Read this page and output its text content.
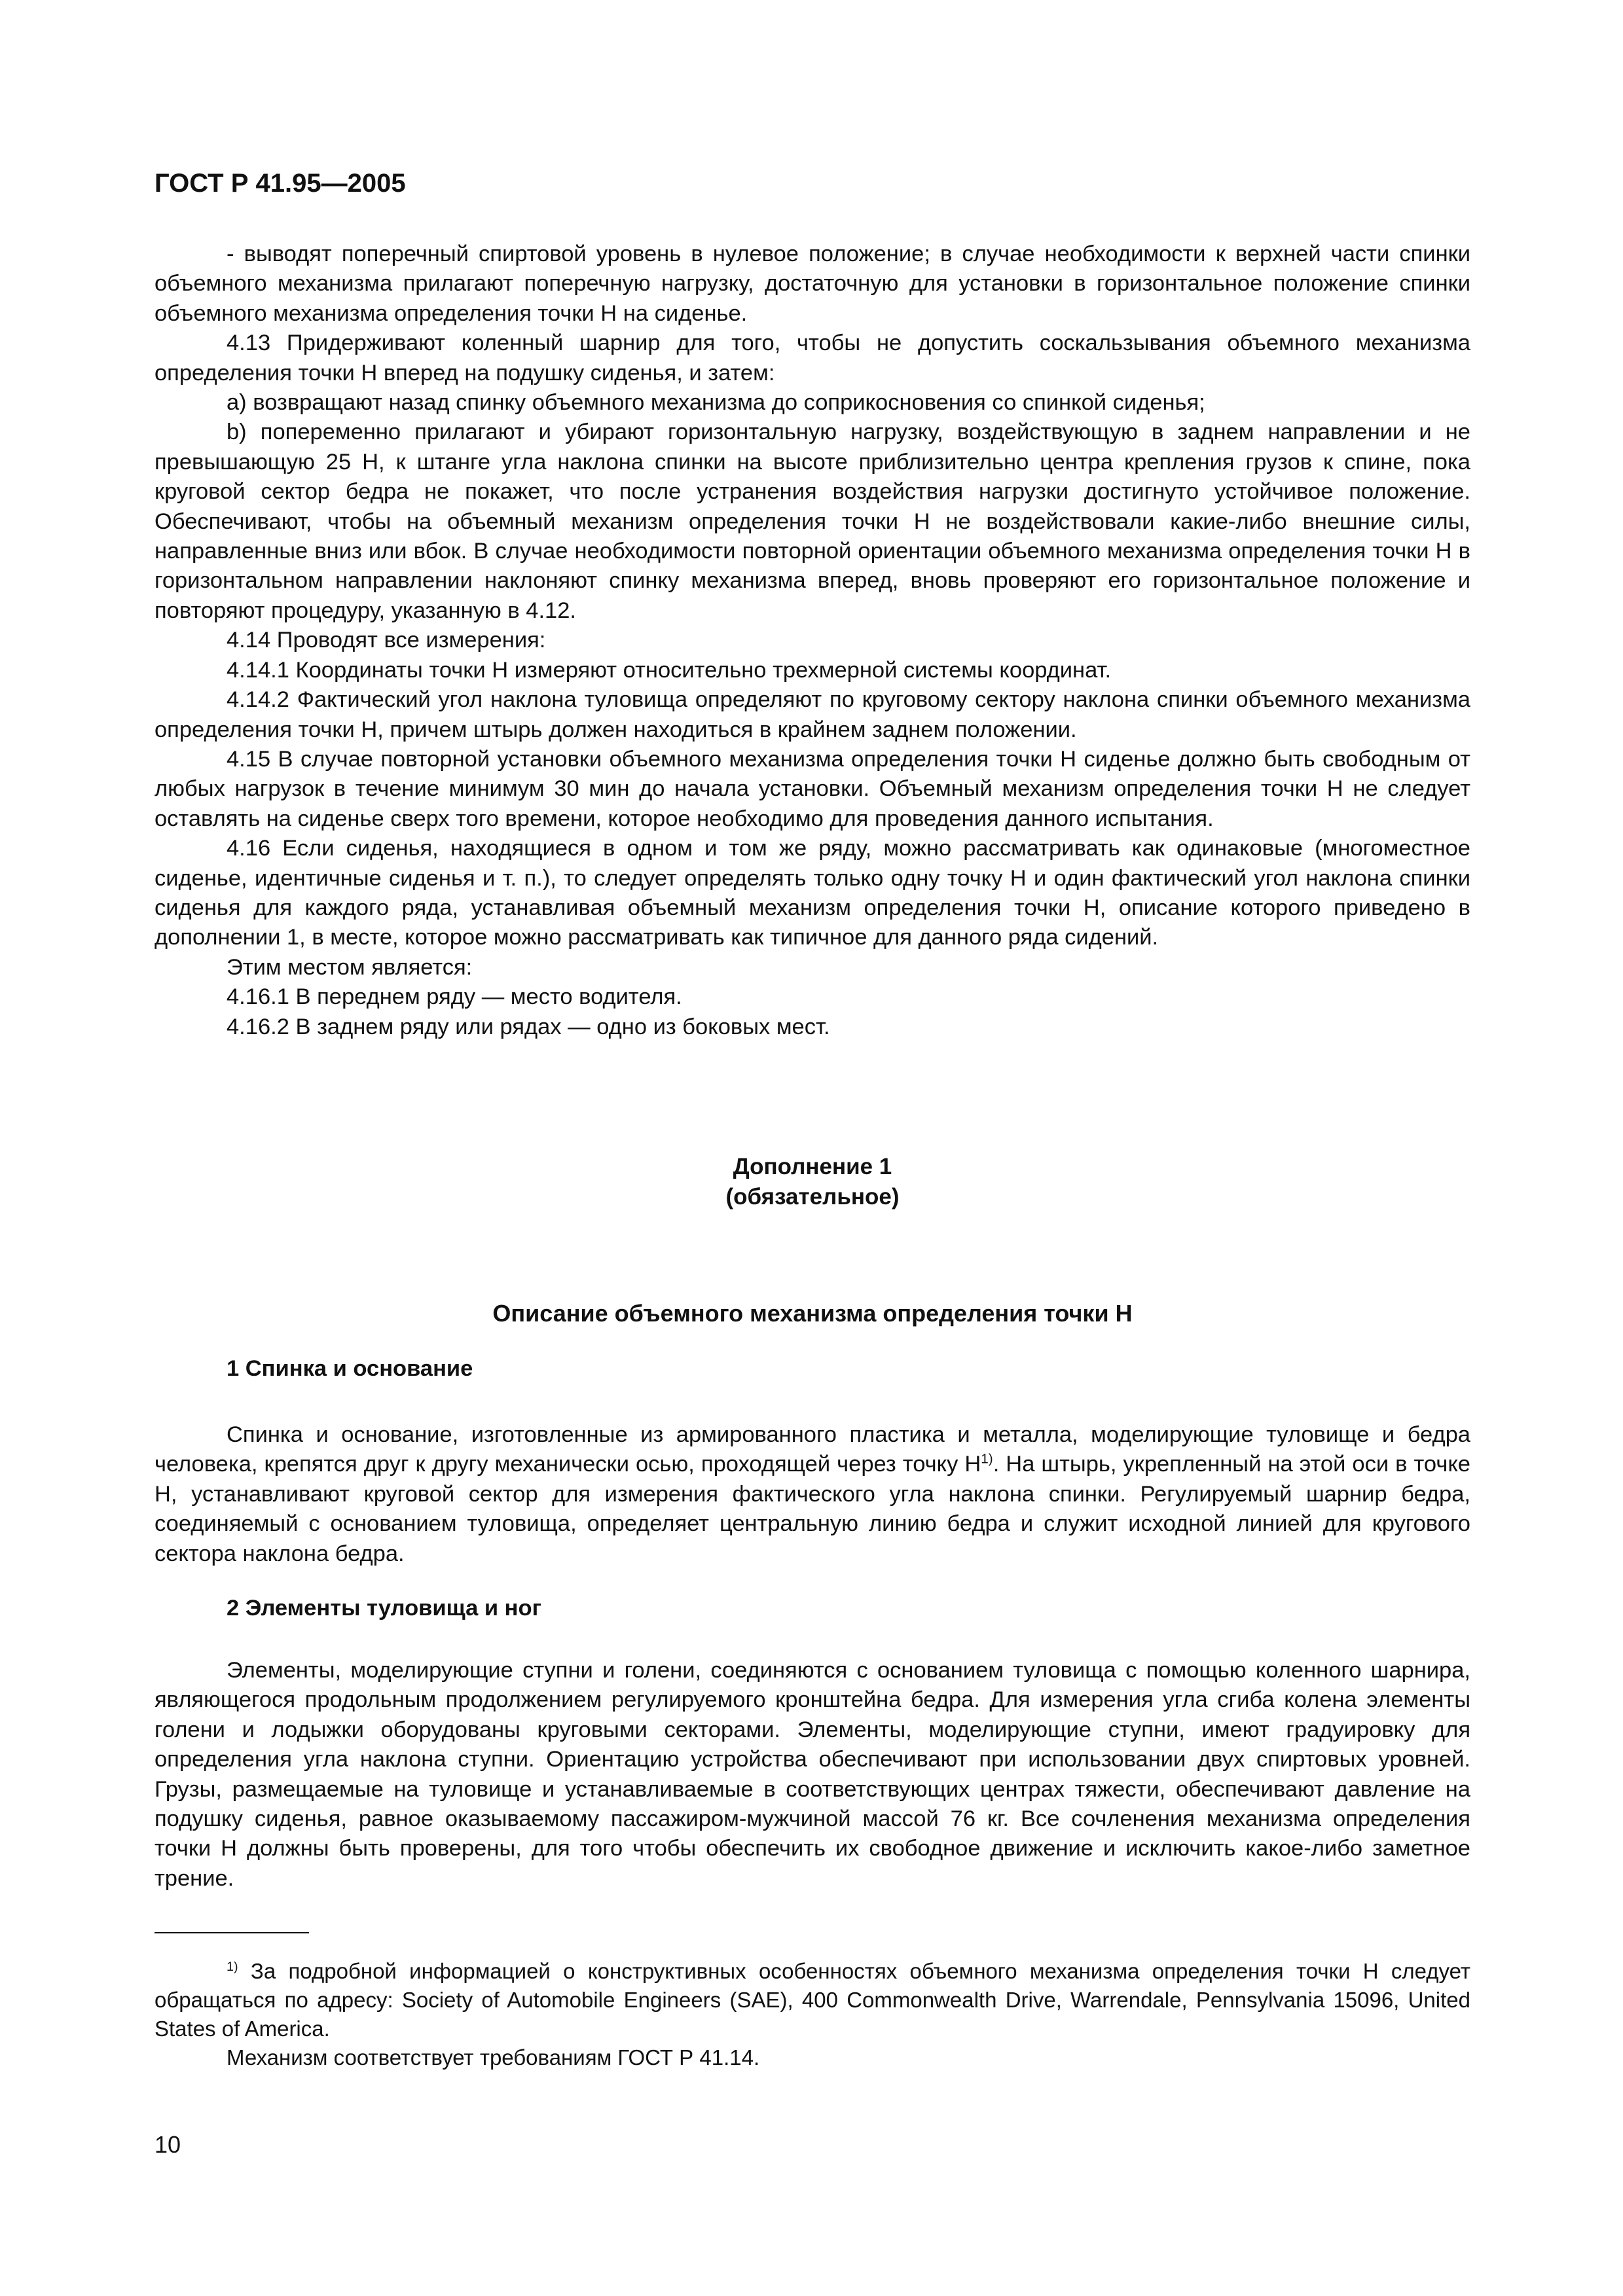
ГОСТ Р 41.95—2005

- выводят поперечный спиртовой уровень в нулевое положение; в случае необходимости к верхней части спинки объемного механизма прилагают поперечную нагрузку, достаточную для установки в горизонтальное положение спинки объемного механизма определения точки H на сиденье.

4.13 Придерживают коленный шарнир для того, чтобы не допустить соскальзывания объемного механизма определения точки H вперед на подушку сиденья, и затем:

a) возвращают назад спинку объемного механизма до соприкосновения со спинкой сиденья;

b) попеременно прилагают и убирают горизонтальную нагрузку, воздействующую в заднем направлении и не превышающую 25 Н, к штанге угла наклона спинки на высоте приблизительно центра крепления грузов к спине, пока круговой сектор бедра не покажет, что после устранения воздействия нагрузки достигнуто устойчивое положение. Обеспечивают, чтобы на объемный механизм определения точки H не воздействовали какие-либо внешние силы, направленные вниз или вбок. В случае необходимости повторной ориентации объемного механизма определения точки H в горизонтальном направлении наклоняют спинку механизма вперед, вновь проверяют его горизонтальное положение и повторяют процедуру, указанную в 4.12.

4.14 Проводят все измерения:

4.14.1 Координаты точки H измеряют относительно трехмерной системы координат.

4.14.2 Фактический угол наклона туловища определяют по круговому сектору наклона спинки объемного механизма определения точки H, причем штырь должен находиться в крайнем заднем положении.

4.15 В случае повторной установки объемного механизма определения точки H сиденье должно быть свободным от любых нагрузок в течение минимум 30 мин до начала установки. Объемный механизм определения точки H не следует оставлять на сиденье сверх того времени, которое необходимо для проведения данного испытания.

4.16 Если сиденья, находящиеся в одном и том же ряду, можно рассматривать как одинаковые (многоместное сиденье, идентичные сиденья и т. п.), то следует определять только одну точку H и один фактический угол наклона спинки сиденья для каждого ряда, устанавливая объемный механизм определения точки H, описание которого приведено в дополнении 1, в месте, которое можно рассматривать как типичное для данного ряда сидений.

Этим местом является:

4.16.1 В переднем ряду — место водителя.

4.16.2 В заднем ряду или рядах — одно из боковых мест.

Дополнение 1
(обязательное)
Описание объемного механизма определения точки H
1 Спинка и основание

Спинка и основание, изготовленные из армированного пластика и металла, моделирующие туловище и бедра человека, крепятся друг к другу механически осью, проходящей через точку $H^{1)}$. На штырь, укрепленный на этой оси в точке H, устанавливают круговой сектор для измерения фактического угла наклона спинки. Регулируемый шарнир бедра, соединяемый с основанием туловища, определяет центральную линию бедра и служит исходной линией для кругового сектора наклона бедра.

2 Элементы туловища и ног

Элементы, моделирующие ступни и голени, соединяются с основанием туловища с помощью коленного шарнира, являющегося продольным продолжением регулируемого кронштейна бедра. Для измерения угла сгиба колена элементы голени и лодыжки оборудованы круговыми секторами. Элементы, моделирующие ступни, имеют градуировку для определения угла наклона ступни. Ориентацию устройства обеспечивают при использовании двух спиртовых уровней. Грузы, размещаемые на туловище и устанавливаемые в соответствующих центрах тяжести, обеспечивают давление на подушку сиденья, равное оказываемому пассажиром-мужчиной массой 76 кг. Все сочленения механизма определения точки H должны быть проверены, для того чтобы обеспечить их свободное движение и исключить какое-либо заметное трение.

$^{1)}$ За подробной информацией о конструктивных особенностях объемного механизма определения точки H следует обращаться по адресу: Society of Automobile Engineers (SAE), 400 Commonwealth Drive, Warrendale, Pennsylvania 15096, United States of America.

Механизм соответствует требованиям ГОСТ Р 41.14.

10
